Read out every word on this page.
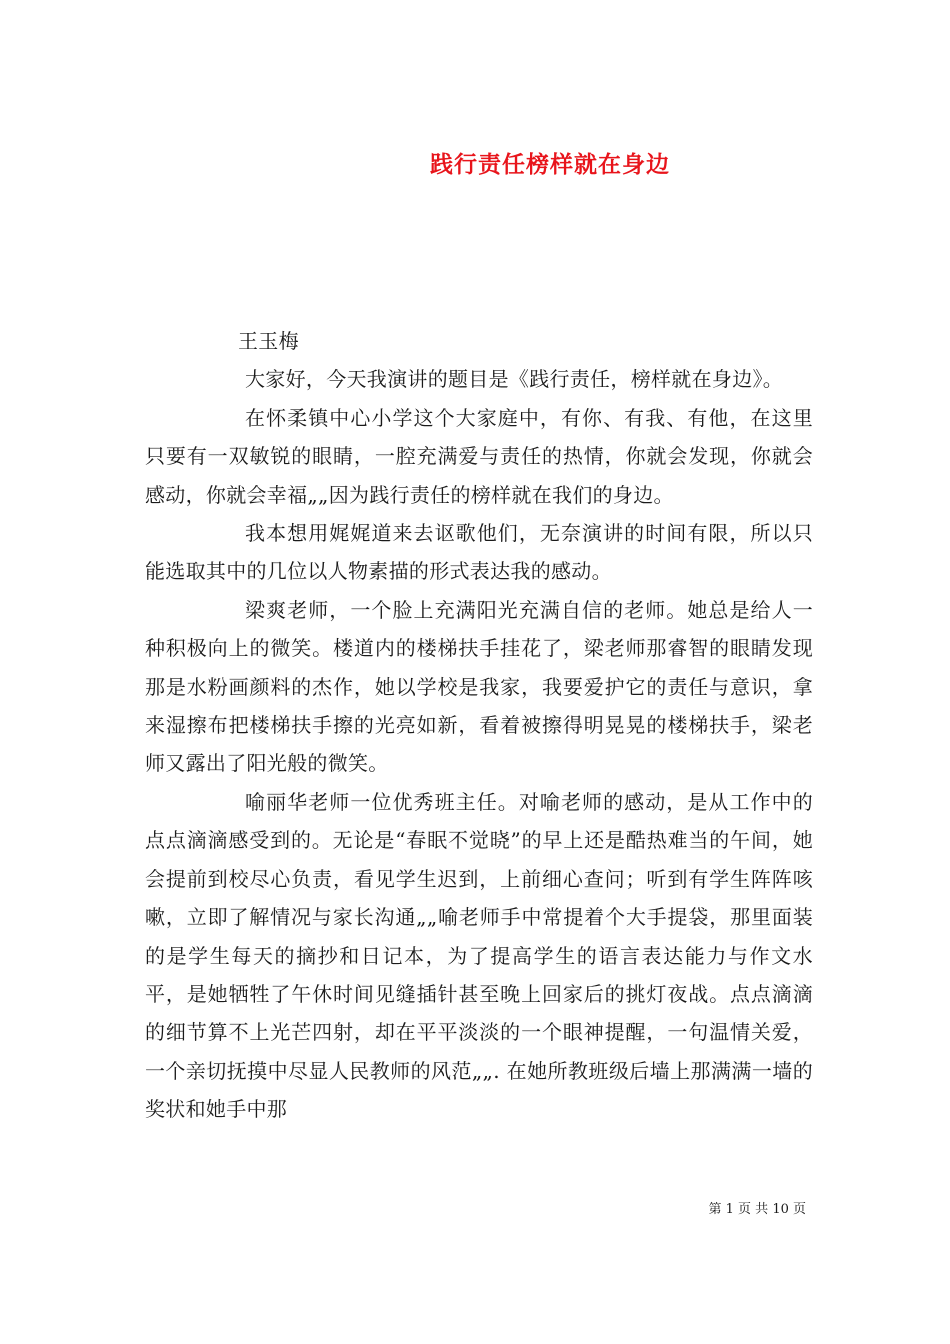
践行责任榜样就在身边

王玉梅

大家好，今天我演讲的题目是《践行责任，榜样就在身边》。

在怀柔镇中心小学这个大家庭中，有你、有我、有他，在这里只要有一双敏锐的眼睛，一腔充满爱与责任的热情，你就会发现，你就会感动，你就会幸福„„因为践行责任的榜样就在我们的身边。

我本想用娓娓道来去讴歌他们，无奈演讲的时间有限，所以只能选取其中的几位以人物素描的形式表达我的感动。

梁爽老师，一个脸上充满阳光充满自信的老师。她总是给人一种积极向上的微笑。楼道内的楼梯扶手挂花了，梁老师那睿智的眼睛发现那是水粉画颜料的杰作，她以学校是我家，我要爱护它的责任与意识，拿来湿擦布把楼梯扶手擦的光亮如新，看着被擦得明晃晃的楼梯扶手，梁老师又露出了阳光般的微笑。

喻丽华老师一位优秀班主任。对喻老师的感动，是从工作中的点点滴滴感受到的。无论是“春眠不觉晓”的早上还是酷热难当的午间，她会提前到校尽心负责，看见学生迟到，上前细心查问；听到有学生阵阵咳嗽，立即了解情况与家长沟通„„喻老师手中常提着个大手提袋，那里面装的是学生每天的摘抄和日记本，为了提高学生的语言表达能力与作文水平，是她牺牲了午休时间见缝插针甚至晚上回家后的挑灯夜战。点点滴滴的细节算不上光芒四射，却在平平淡淡的一个眼神提醒，一句温情关爱，一个亲切抚摸中尽显人民教师的风范„„. 在她所教班级后墙上那满满一墙的奖状和她手中那

第 1 页 共 10 页
